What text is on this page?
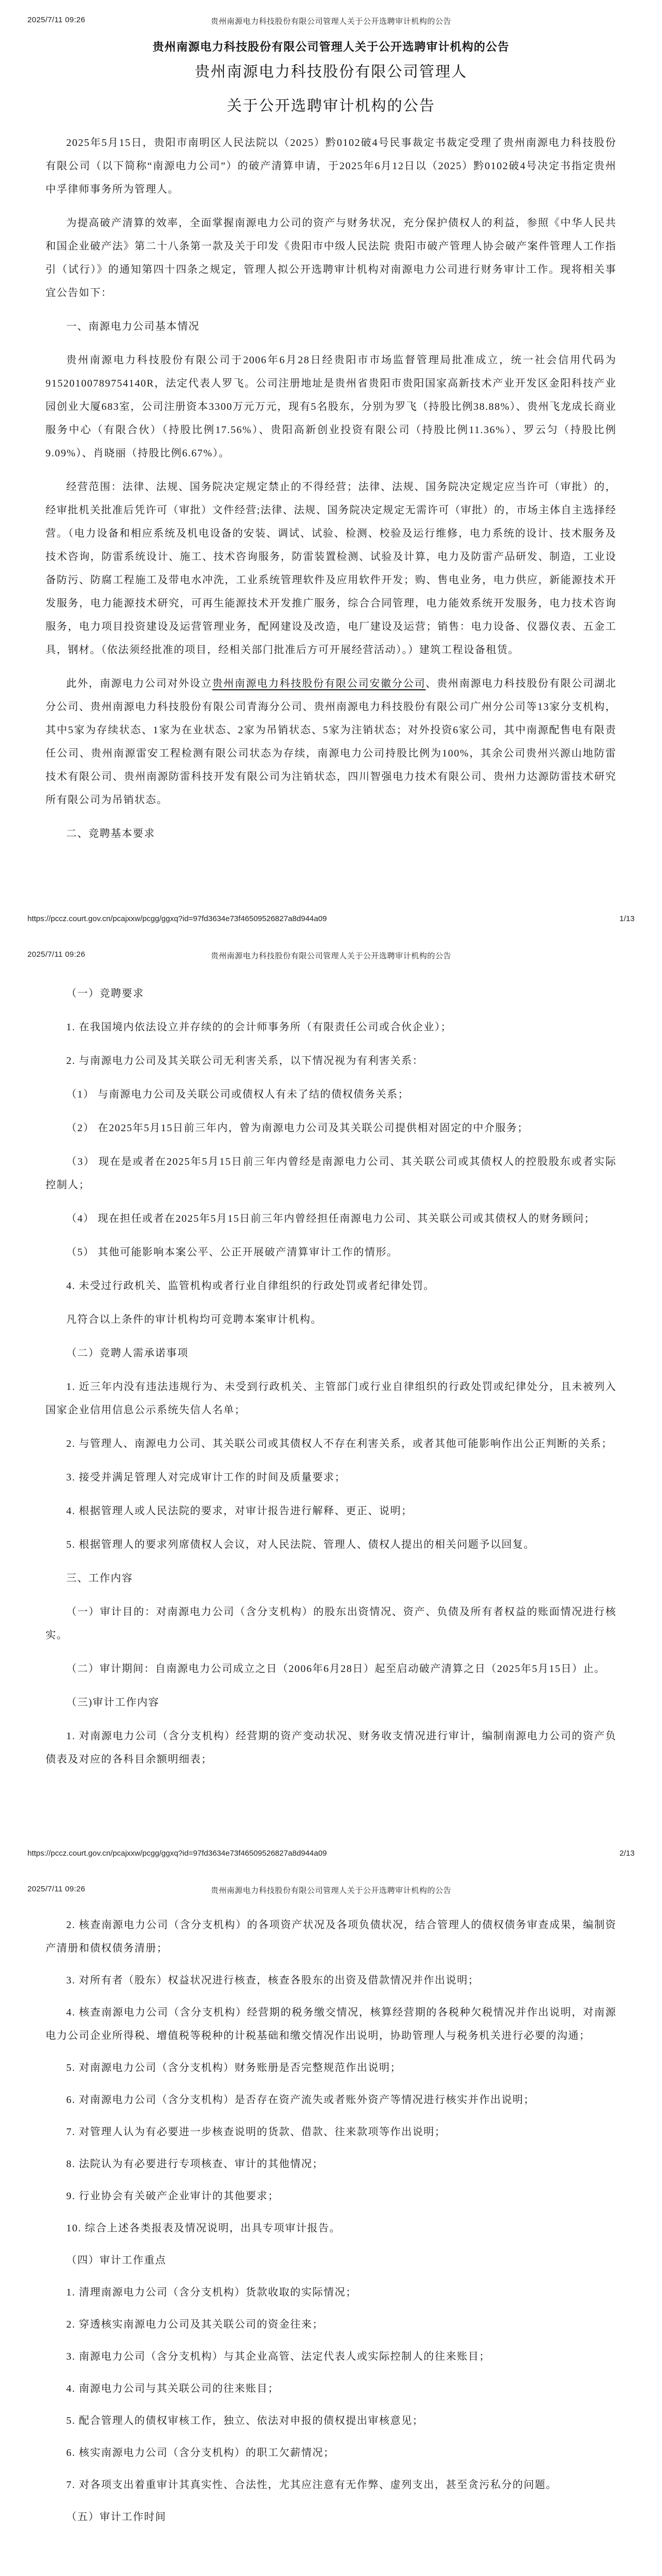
贵州南源电力科技股份有限公司管理人关于公开选聘审计机构的公告
2025/7/11 09:26

贵州南源电力科技股份有限公司管理人关于公开选聘审计机构的公告

贵州南源电力科技股份有限公司管理人

关于公开选聘审计机构的公告

2025年5月15日，贵阳市南明区人民法院以（2025）黔0102破4号民事裁定书裁定受理了贵州南源电力科技股份有限公司（以下简称“南源电力公司”）的破产清算申请，于2025年6月12日以（2025）黔0102破4号决定书指定贵州中孚律师事务所为管理人。

为提高破产清算的效率，全面掌握南源电力公司的资产与财务状况，充分保护债权人的利益，参照《中华人民共和国企业破产法》第二十八条第一款及关于印发《贵阳市中级人民法院 贵阳市破产管理人协会破产案件管理人工作指引（试行）》的通知第四十四条之规定，管理人拟公开选聘审计机构对南源电力公司进行财务审计工作。现将相关事宜公告如下：

一、南源电力公司基本情况

贵州南源电力科技股份有限公司于2006年6月28日经贵阳市市场监督管理局批准成立，统一社会信用代码为91520100789754140R，法定代表人罗飞。公司注册地址是贵州省贵阳市贵阳国家高新技术产业开发区金阳科技产业园创业大厦683室，公司注册资本3300万元万元，现有5名股东，分别为罗飞（持股比例38.88%）、贵州飞龙成长商业服务中心（有限合伙）（持股比例17.56%）、贵阳高新创业投资有限公司（持股比例11.36%）、罗云匀（持股比例9.09%）、肖晓丽（持股比例6.67%）。

经营范围：法律、法规、国务院决定规定禁止的不得经营；法律、法规、国务院决定规定应当许可（审批）的，经审批机关批准后凭许可（审批）文件经营;法律、法规、国务院决定规定无需许可（审批）的，市场主体自主选择经营。（电力设备和相应系统及机电设备的安装、调试、试验、检测、校验及运行维修，电力系统的设计、技术服务及技术咨询，防雷系统设计、施工、技术咨询服务，防雷装置检测、试验及计算，电力及防雷产品研发、制造，工业设备防污、防腐工程施工及带电水冲洗，工业系统管理软件及应用软件开发；购、售电业务，电力供应，新能源技术开发服务，电力能源技术研究，可再生能源技术开发推广服务，综合合同管理，电力能效系统开发服务，电力技术咨询服务，电力项目投资建设及运营管理业务，配网建设及改造，电厂建设及运营；销售：电力设备、仪器仪表、五金工具，钢材。（依法须经批准的项目，经相关部门批准后方可开展经营活动）。）建筑工程设备租赁。

此外，南源电力公司对外设立贵州南源电力科技股份有限公司安徽分公司、贵州南源电力科技股份有限公司湖北分公司、贵州南源电力科技股份有限公司青海分公司、贵州南源电力科技股份有限公司广州分公司等13家分支机构，其中5家为存续状态、1家为在业状态、2家为吊销状态、5家为注销状态；对外投资6家公司，其中南源配售电有限责任公司、贵州南源雷安工程检测有限公司状态为存续，南源电力公司持股比例为100%，其余公司贵州兴源山地防雷技术有限公司、贵州南源防雷科技开发有限公司为注销状态，四川智强电力技术有限公司、贵州力达源防雷技术研究所有限公司为吊销状态。

二、竞聘基本要求

https://pccz.court.gov.cn/pcajxxw/pcgg/ggxq?id=97fd3634e73f46509526827a8d944a09	1/13
贵州南源电力科技股份有限公司管理人关于公开选聘审计机构的公告
2025/7/11 09:26

（一）竞聘要求

1. 在我国境内依法设立并存续的的会计师事务所（有限责任公司或合伙企业）；

2. 与南源电力公司及其关联公司无利害关系，以下情况视为有利害关系：

（1） 与南源电力公司及关联公司或债权人有未了结的债权债务关系；

（2） 在2025年5月15日前三年内，曾为南源电力公司及其关联公司提供相对固定的中介服务；

（3） 现在是或者在2025年5月15日前三年内曾经是南源电力公司、其关联公司或其债权人的控股股东或者实际控制人；

（4） 现在担任或者在2025年5月15日前三年内曾经担任南源电力公司、其关联公司或其债权人的财务顾问；

（5） 其他可能影响本案公平、公正开展破产清算审计工作的情形。

4. 未受过行政机关、监管机构或者行业自律组织的行政处罚或者纪律处罚。

凡符合以上条件的审计机构均可竞聘本案审计机构。

（二）竞聘人需承诺事项

1. 近三年内没有违法违规行为、未受到行政机关、主管部门或行业自律组织的行政处罚或纪律处分，且未被列入国家企业信用信息公示系统失信人名单；

2. 与管理人、南源电力公司、其关联公司或其债权人不存在利害关系，或者其他可能影响作出公正判断的关系；

3. 接受并满足管理人对完成审计工作的时间及质量要求；

4. 根据管理人或人民法院的要求，对审计报告进行解释、更正、说明；

5. 根据管理人的要求列席债权人会议，对人民法院、管理人、债权人提出的相关问题予以回复。

三、工作内容

（一）审计目的：对南源电力公司（含分支机构）的股东出资情况、资产、负债及所有者权益的账面情况进行核实。

（二）审计期间：自南源电力公司成立之日（2006年6月28日）起至启动破产清算之日（2025年5月15日）止。

（三)审计工作内容

1. 对南源电力公司（含分支机构）经营期的资产变动状况、财务收支情况进行审计，编制南源电力公司的资产负债表及对应的各科目余额明细表；

https://pccz.court.gov.cn/pcajxxw/pcgg/ggxq?id=97fd3634e73f46509526827a8d944a09	2/13
贵州南源电力科技股份有限公司管理人关于公开选聘审计机构的公告
2025/7/11 09:26

2. 核查南源电力公司（含分支机构）的各项资产状况及各项负债状况，结合管理人的债权债务审查成果，编制资产清册和债权债务清册；

3. 对所有者（股东）权益状况进行核查，核查各股东的出资及借款情况并作出说明；

4. 核查南源电力公司（含分支机构）经营期的税务缴交情况，核算经营期的各税种欠税情况并作出说明，对南源电力公司企业所得税、增值税等税种的计税基础和缴交情况作出说明，协助管理人与税务机关进行必要的沟通；

5. 对南源电力公司（含分支机构）财务账册是否完整规范作出说明；

6. 对南源电力公司（含分支机构）是否存在资产流失或者账外资产等情况进行核实并作出说明；

7. 对管理人认为有必要进一步核查说明的货款、借款、往来款项等作出说明；

8. 法院认为有必要进行专项核查、审计的其他情况；

9. 行业协会有关破产企业审计的其他要求；

10. 综合上述各类报表及情况说明，出具专项审计报告。

（四）审计工作重点

1. 清理南源电力公司（含分支机构）货款收取的实际情况；

2. 穿透核实南源电力公司及其关联公司的资金往来；

3. 南源电力公司（含分支机构）与其企业高管、法定代表人或实际控制人的往来账目；

4. 南源电力公司与其关联公司的往来账目；

5. 配合管理人的债权审核工作，独立、依法对申报的债权提出审核意见；

6. 核实南源电力公司（含分支机构）的职工欠薪情况；

7. 对各项支出着重审计其真实性、合法性，尤其应注意有无作弊、虚列支出，甚至贪污私分的问题。

（五）审计工作时间
